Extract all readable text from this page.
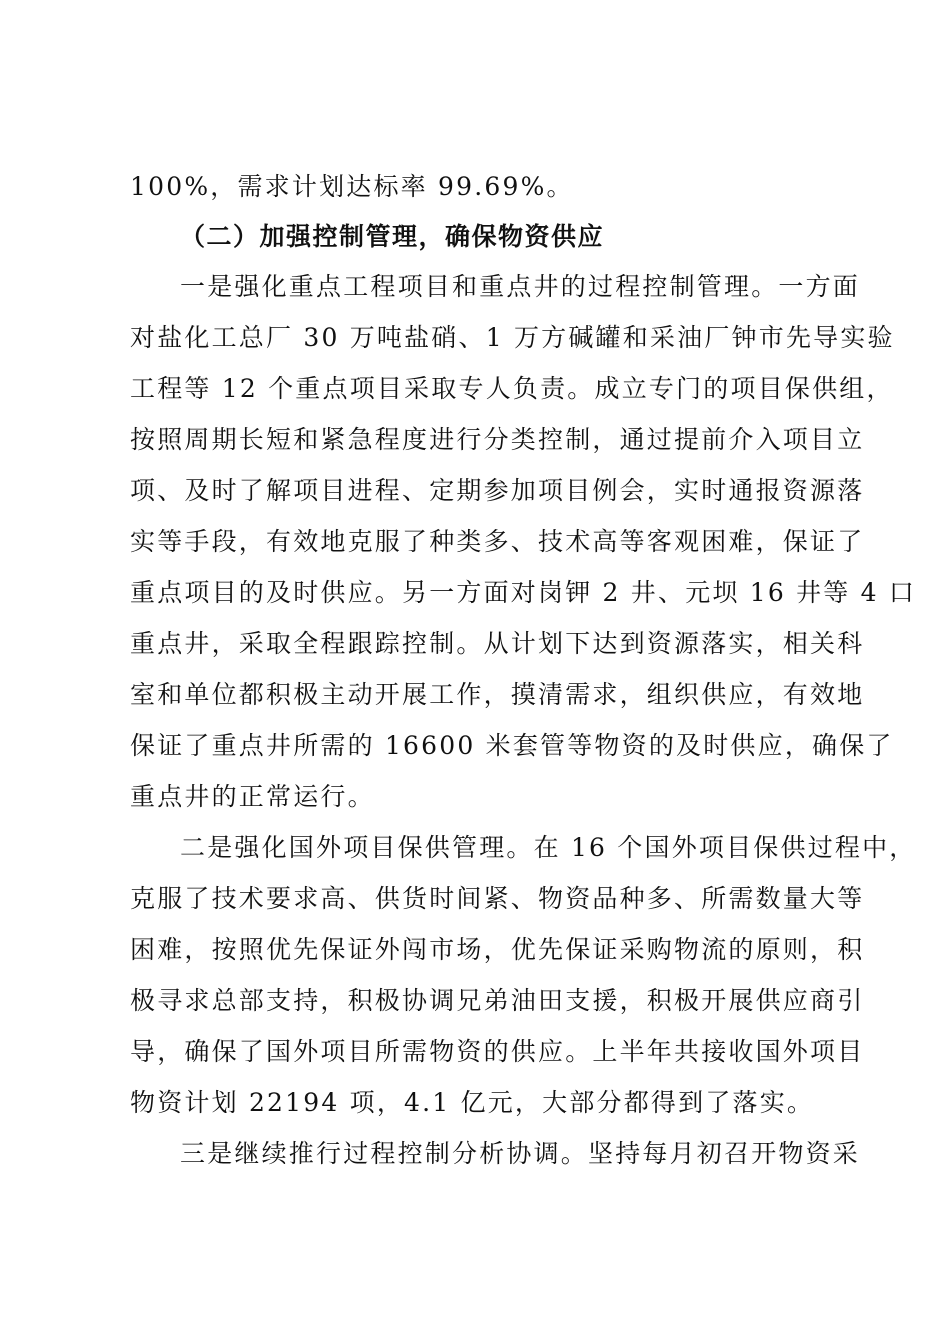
100%，需求计划达标率 99.69%。
（二）加强控制管理，确保物资供应
一是强化重点工程项目和重点井的过程控制管理。一方面
对盐化工总厂 30 万吨盐硝、1 万方碱罐和采油厂钟市先导实验
工程等 12 个重点项目采取专人负责。成立专门的项目保供组，
按照周期长短和紧急程度进行分类控制，通过提前介入项目立
项、及时了解项目进程、定期参加项目例会，实时通报资源落
实等手段，有效地克服了种类多、技术高等客观困难，保证了
重点项目的及时供应。另一方面对岗钾 2 井、元坝 16 井等 4 口
重点井，采取全程跟踪控制。从计划下达到资源落实，相关科
室和单位都积极主动开展工作，摸清需求，组织供应，有效地
保证了重点井所需的 16600 米套管等物资的及时供应，确保了
重点井的正常运行。
二是强化国外项目保供管理。在 16 个国外项目保供过程中，
克服了技术要求高、供货时间紧、物资品种多、所需数量大等
困难，按照优先保证外闯市场，优先保证采购物流的原则，积
极寻求总部支持，积极协调兄弟油田支援，积极开展供应商引
导，确保了国外项目所需物资的供应。上半年共接收国外项目
物资计划 22194 项，4.1 亿元，大部分都得到了落实。
三是继续推行过程控制分析协调。坚持每月初召开物资采
